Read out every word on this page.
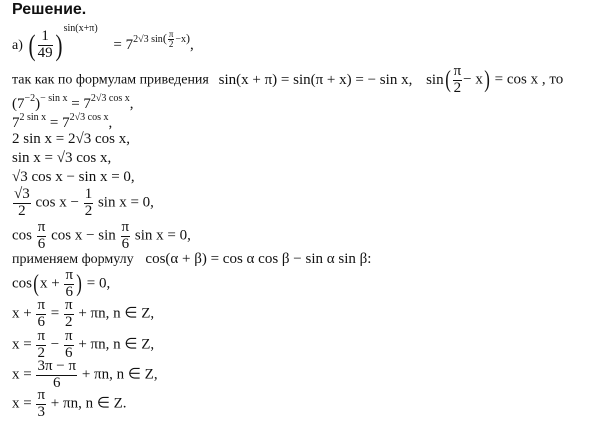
Решение.
а) ( $\frac{1}{49} )^{sin(x+\pi)} = 7^{2√3 sin( \frac{\pi}{2} -x)}$,
так как по формулам приведения sin(x + π) = sin(π + x) = − sin x, $\sin( \frac{\pi}{2} - x) = \cos x$ , то
$(7^{-2})^{- sin x} = 7^{2√3 cos x}$,
$7^{2 sin x} = 7^{2√3 cos x}$,
2 sin x = 2√3 cos x,
sin x = √3 cos x,
√3 cos x − sin x = 0,
$\frac{√3}{2}$ $\cos x - \frac{1}{2}$ sin x = 0,
$\cos \frac{\pi}{6}$ $\cos x - \sin \frac{\pi}{6}$ sin x = 0,
применяем формулу cos(α + β) = cos α cos β − sin α sin β:
$\cos(x + \frac{\pi}{6}$ ) = 0,
$x + \frac{\pi}{6} = \frac{\pi}{2} + \pi n$, n ∈ Z,
$x = \frac{\pi}{2} - \frac{\pi}{6} + \pi n$, n ∈ Z,
$x = \frac{3\pi - \pi}{6} + \pi n$, n ∈ Z,
$x = \frac{\pi}{3} + \pi n$, n ∈ Z.
